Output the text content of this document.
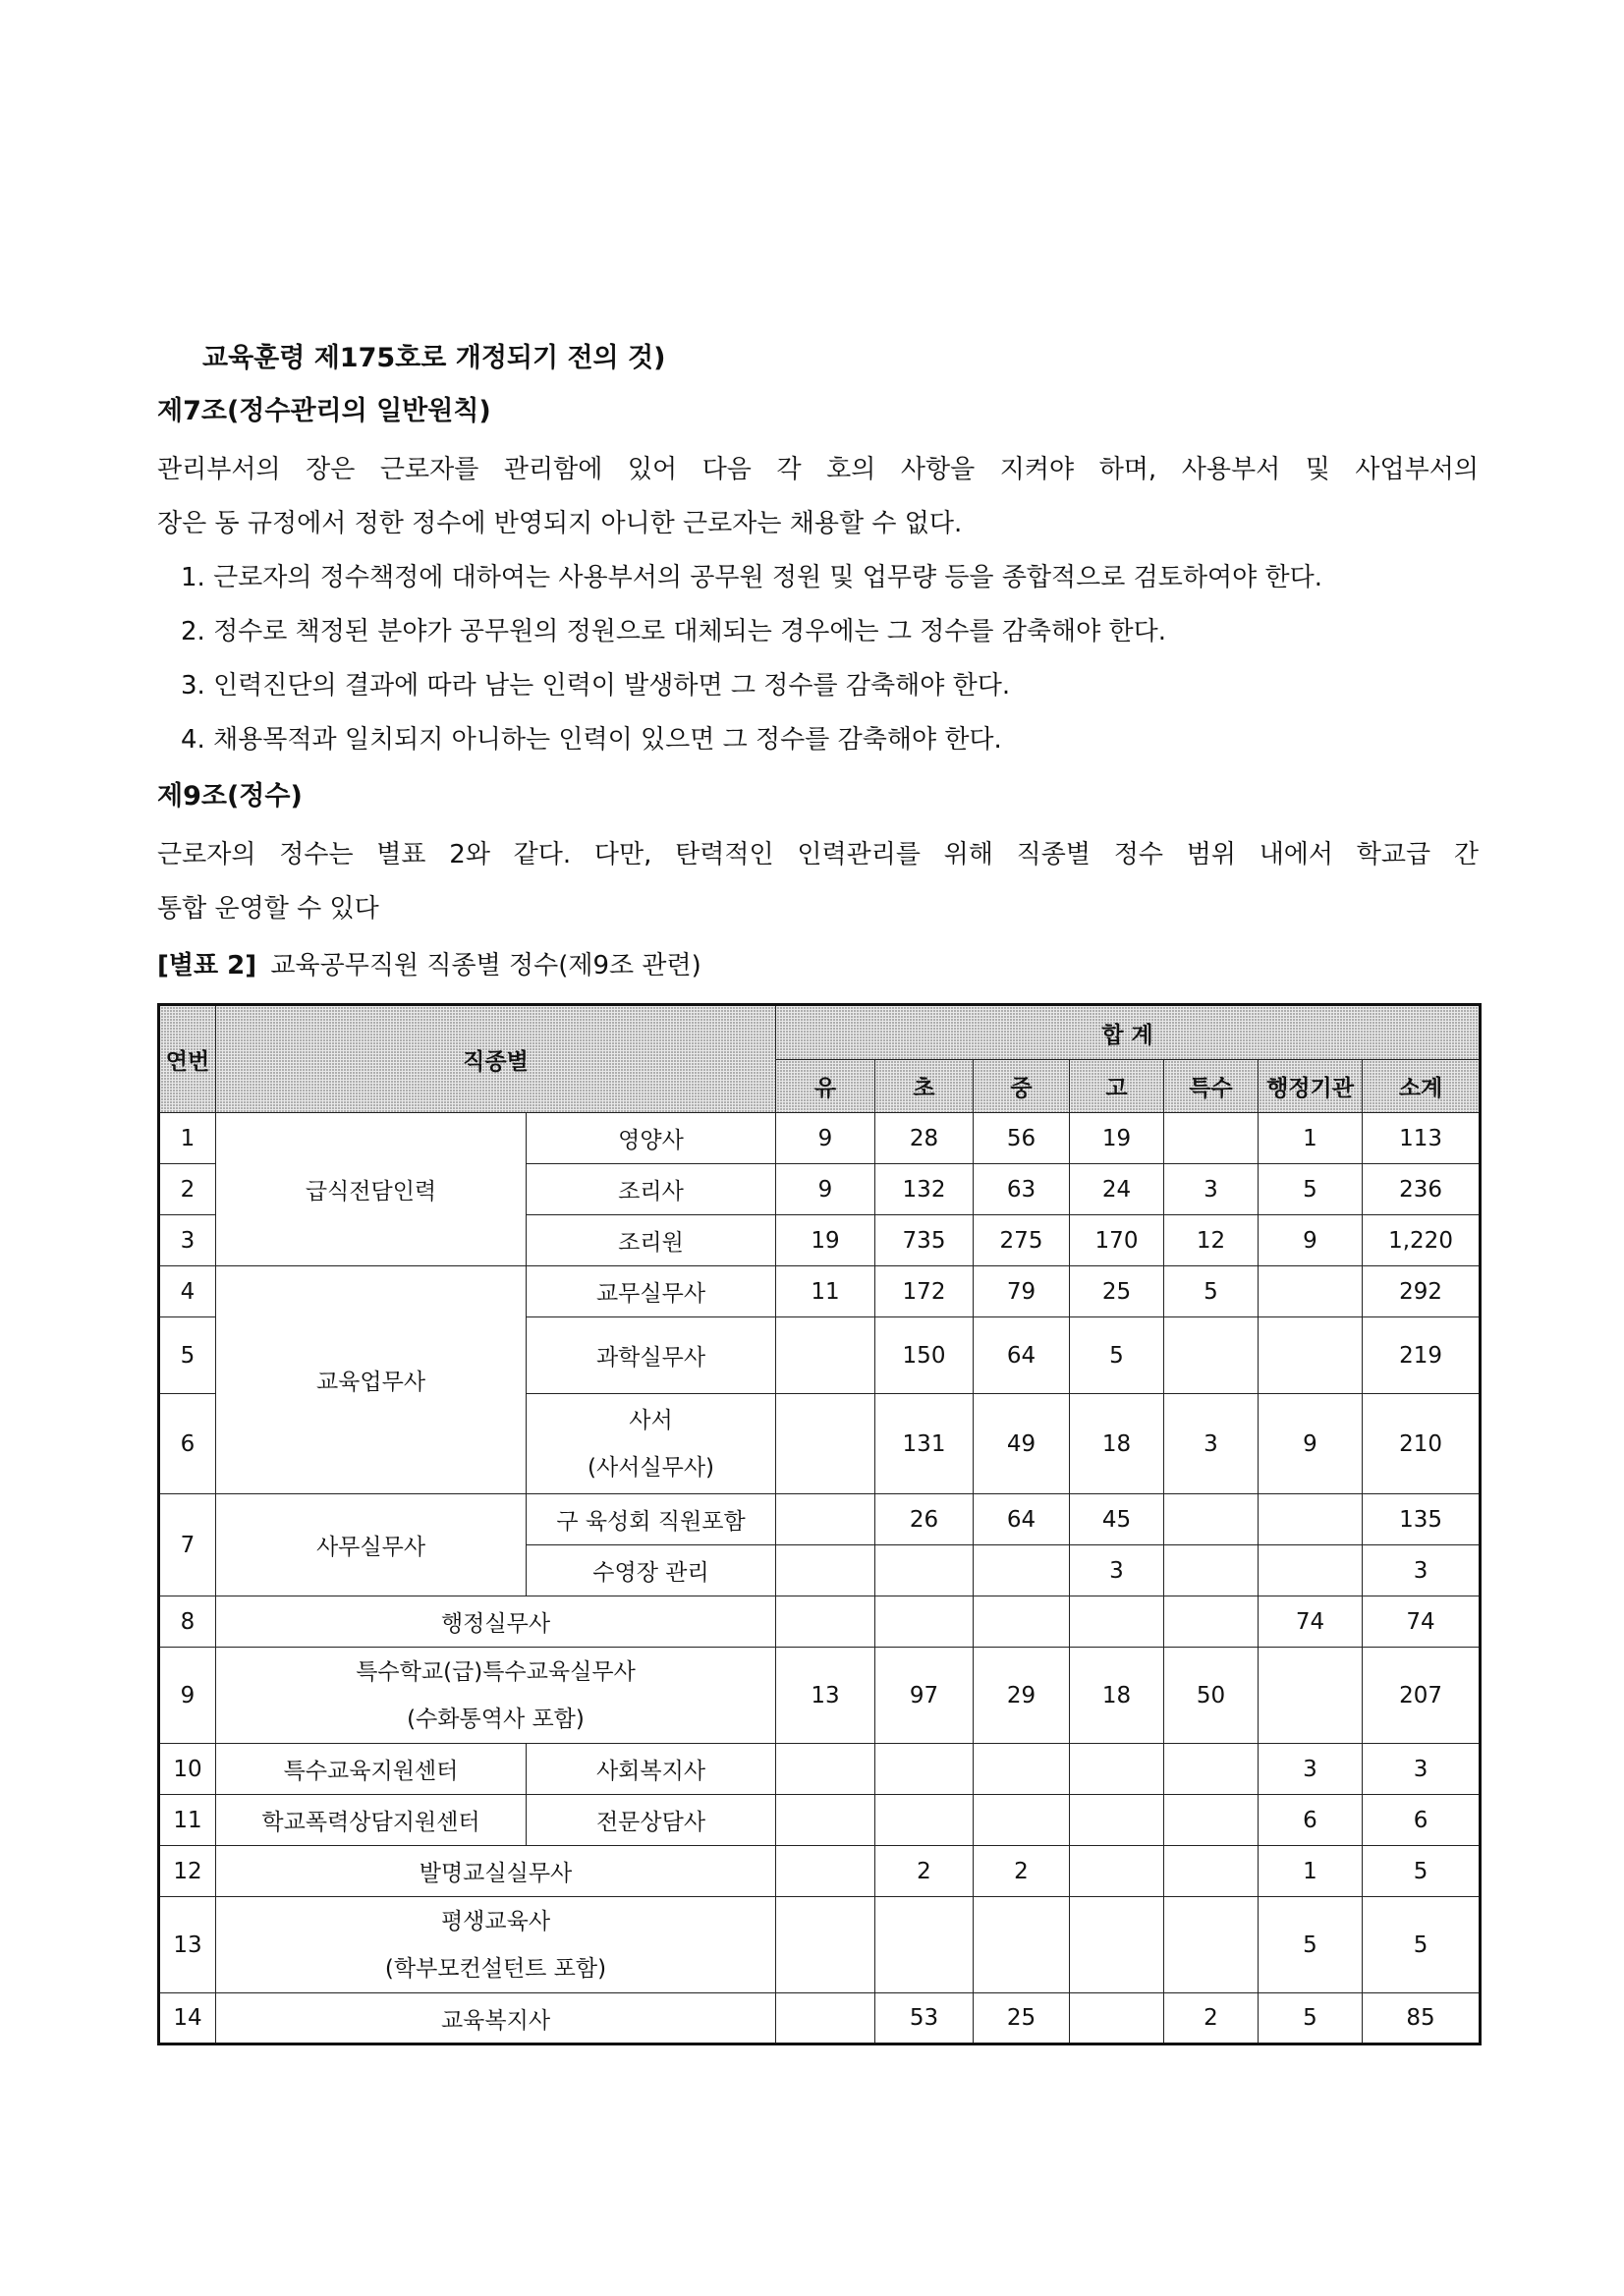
교육훈령 제175호로 개정되기 전의 것)
제7조(정수관리의 일반원칙)
관리부서의 장은 근로자를 관리함에 있어 다음 각 호의 사항을 지켜야 하며, 사용부서 및 사업부서의
장은 동 규정에서 정한 정수에 반영되지 아니한 근로자는 채용할 수 없다.
1. 근로자의 정수책정에 대하여는 사용부서의 공무원 정원 및 업무량 등을 종합적으로 검토하여야 한다.
2. 정수로 책정된 분야가 공무원의 정원으로 대체되는 경우에는 그 정수를 감축해야 한다.
3. 인력진단의 결과에 따라 남는 인력이 발생하면 그 정수를 감축해야 한다.
4. 채용목적과 일치되지 아니하는 인력이 있으면 그 정수를 감축해야 한다.
제9조(정수)
근로자의 정수는 별표 2와 같다. 다만, 탄력적인 인력관리를 위해 직종별 정수 범위 내에서 학교급 간
통합 운영할 수 있다
[별표 2] 교육공무직원 직종별 정수(제9조 관련)
연번	직종별		합 계						
			유	초	중	고	특수	행정기관	소계
1	급식전담인력	영양사	9	28	56	19		1	113
2		조리사	9	132	63	24	3	5	236
3		조리원	19	735	275	170	12	9	1,220
4	교육업무사	교무실무사	11	172	79	25	5		292
5		과학실무사		150	64	5			219
6		사서
(사서실무사)		131	49	18	3	9	210
7	사무실무사	구 육성회 직원포함		26	64	45			135
		수영장 관리				3			3
8	행정실무사							74	74
9	특수학교(급)특수교육실무사
(수화통역사 포함)		13	97	29	18	50		207
10	특수교육지원센터	사회복지사						3	3
11	학교폭력상담지원센터	전문상담사						6	6
12	발명교실실무사			2	2			1	5
13	평생교육사
(학부모컨설턴트 포함)							5	5
14	교육복지사			53	25		2	5	85
